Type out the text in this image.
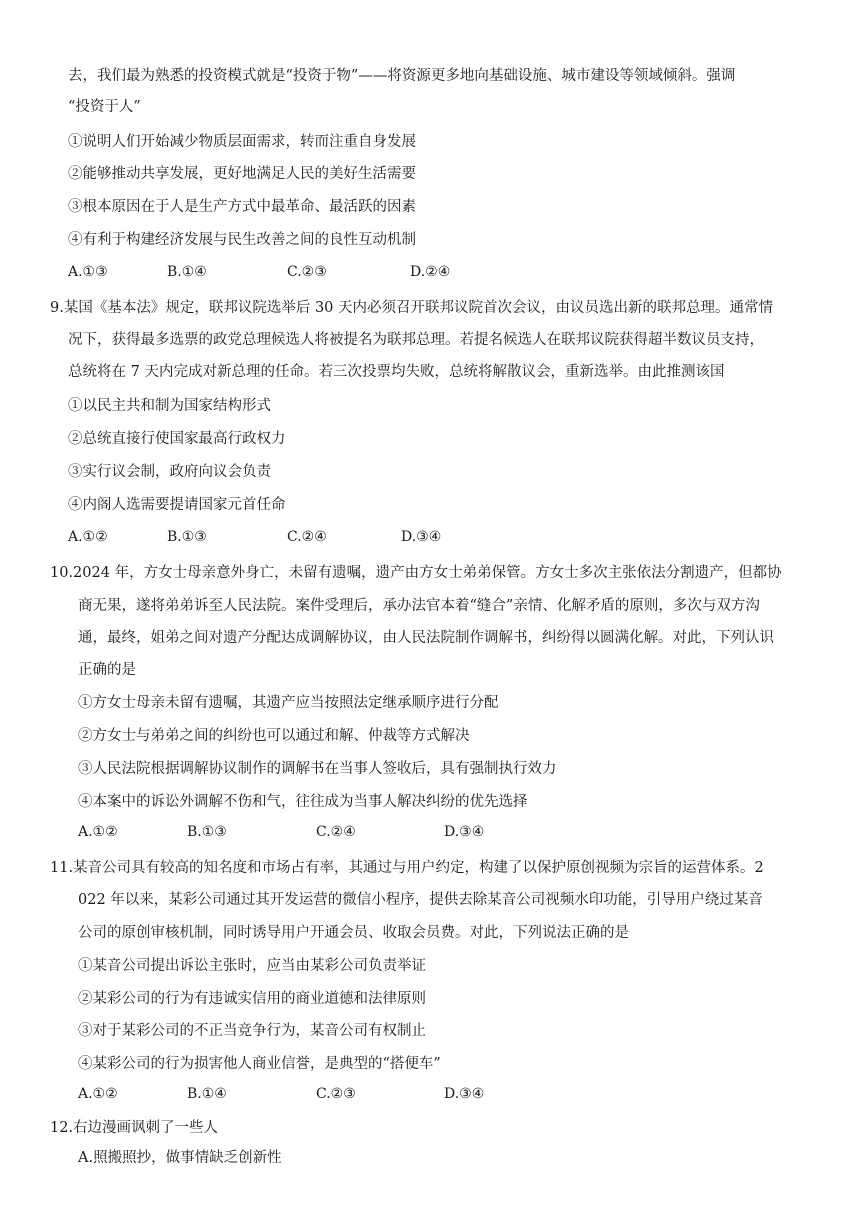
去，我们最为熟悉的投资模式就是“投资于物”——将资源更多地向基础设施、城市建设等领域倾斜。强调
“投资于人”
①说明人们开始减少物质层面需求，转而注重自身发展
②能够推动共享发展，更好地满足人民的美好生活需要
③根本原因在于人是生产方式中最革命、最活跃的因素
④有利于构建经济发展与民生改善之间的良性互动机制
A.①③	B.①④	C.②③	D.②④
9.某国《基本法》规定，联邦议院选举后 30 天内必须召开联邦议院首次会议，由议员选出新的联邦总理。通常情
况下，获得最多选票的政党总理候选人将被提名为联邦总理。若提名候选人在联邦议院获得超半数议员支持，
总统将在 7 天内完成对新总理的任命。若三次投票均失败，总统将解散议会，重新选举。由此推测该国
①以民主共和制为国家结构形式
②总统直接行使国家最高行政权力
③实行议会制，政府向议会负责
④内阁人选需要提请国家元首任命
A.①②	B.①③	C.②④	D.③④
10.2024 年，方女士母亲意外身亡，未留有遗嘱，遗产由方女士弟弟保管。方女士多次主张依法分割遗产，但都协
商无果，遂将弟弟诉至人民法院。案件受理后，承办法官本着“缝合”亲情、化解矛盾的原则，多次与双方沟
通，最终，姐弟之间对遗产分配达成调解协议，由人民法院制作调解书，纠纷得以圆满化解。对此，下列认识
正确的是
①方女士母亲未留有遗嘱，其遗产应当按照法定继承顺序进行分配
②方女士与弟弟之间的纠纷也可以通过和解、仲裁等方式解决
③人民法院根据调解协议制作的调解书在当事人签收后，具有强制执行效力
④本案中的诉讼外调解不伤和气，往往成为当事人解决纠纷的优先选择
A.①②	B.①③	C.②④	D.③④
11.某音公司具有较高的知名度和市场占有率，其通过与用户约定，构建了以保护原创视频为宗旨的运营体系。2
022 年以来，某彩公司通过其开发运营的微信小程序，提供去除某音公司视频水印功能，引导用户绕过某音
公司的原创审核机制，同时诱导用户开通会员、收取会员费。对此，下列说法正确的是
①某音公司提出诉讼主张时，应当由某彩公司负责举证
②某彩公司的行为有违诚实信用的商业道德和法律原则
③对于某彩公司的不正当竞争行为，某音公司有权制止
④某彩公司的行为损害他人商业信誉，是典型的“搭便车”
A.①②	B.①④	C.②③	D.③④
12.右边漫画讽刺了一些人
A.照搬照抄，做事情缺乏创新性
